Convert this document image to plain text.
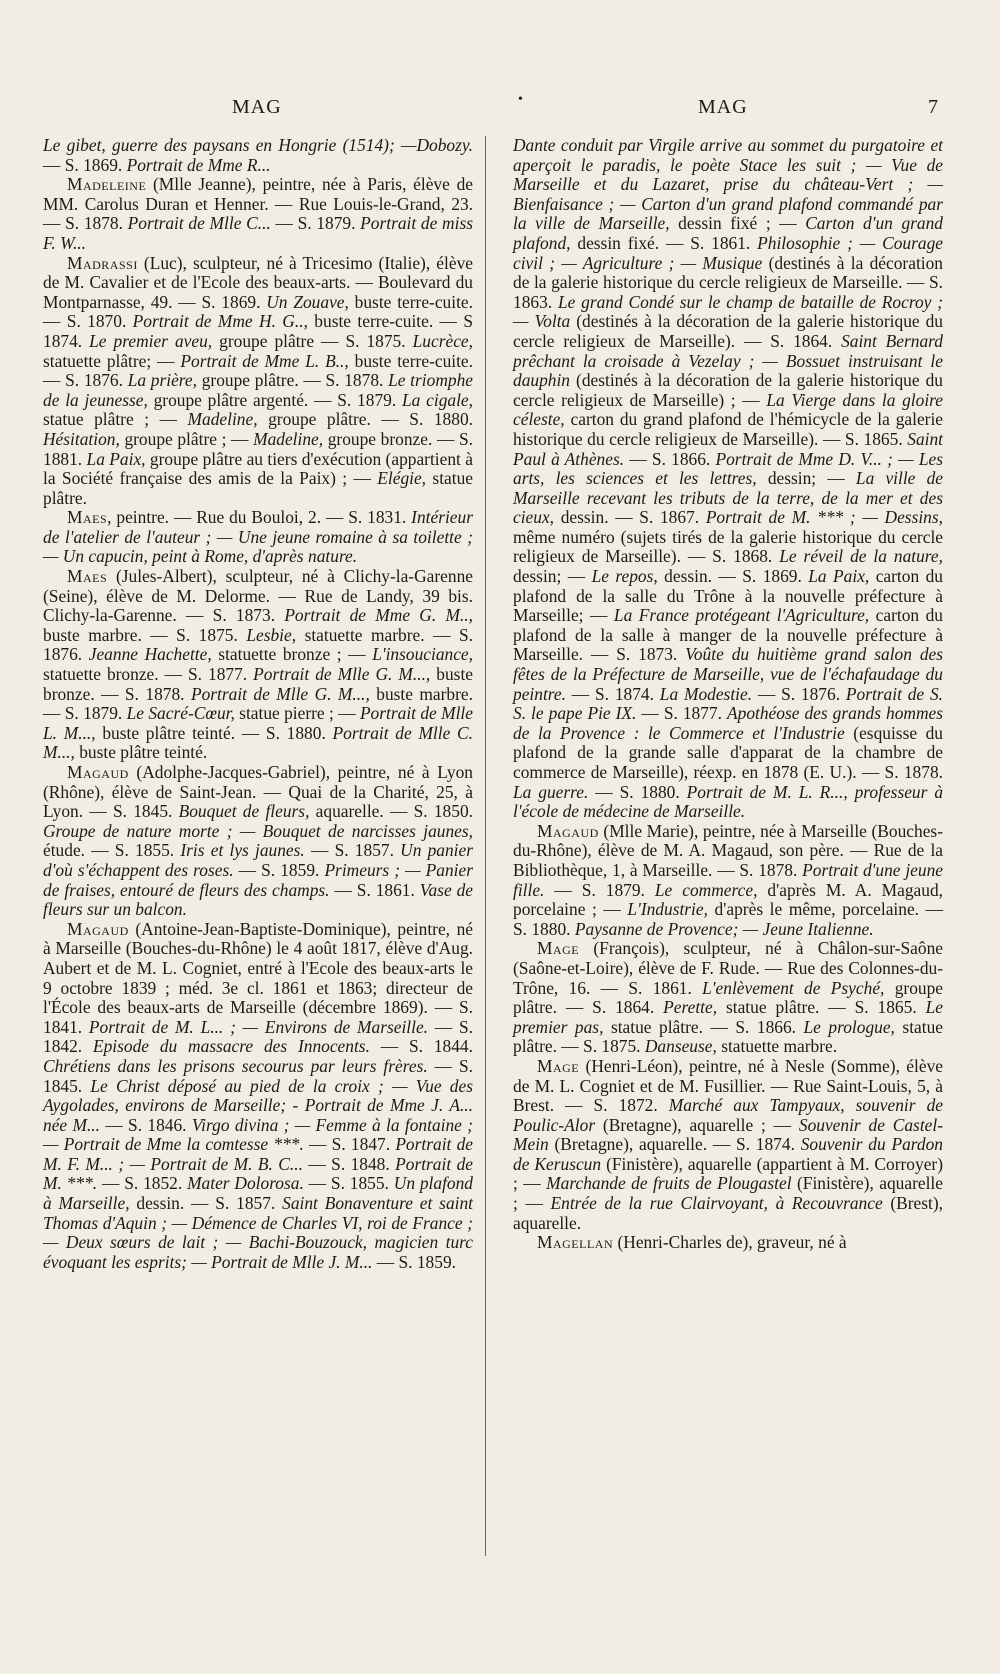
MAG	•	MAG	7

Le gibet, guerre des paysans en Hongrie (1514); —Dobozy. — S. 1869. Portrait de Mme R...

Madeleine (Mlle Jeanne), peintre, née à Paris, élève de MM. Carolus Duran et Henner. — Rue Louis-le-Grand, 23. — S. 1878. Portrait de Mlle C... — S. 1879. Portrait de miss F. W...

Madrassi (Luc), sculpteur, né à Tricesimo (Italie), élève de M. Cavalier et de l'Ecole des beaux-arts. — Boulevard du Montparnasse, 49. — S. 1869. Un Zouave, buste terre-cuite. — S. 1870. Portrait de Mme H. G.., buste terre-cuite. — S 1874. Le premier aveu, groupe plâtre — S. 1875. Lucrèce, statuette plâtre; — Portrait de Mme L. B.., buste terre-cuite. — S. 1876. La prière, groupe plâtre. — S. 1878. Le triomphe de la jeunesse, groupe plâtre argenté. — S. 1879. La cigale, statue plâtre ; — Madeline, groupe plâtre. — S. 1880. Hésitation, groupe plâtre ; — Madeline, groupe bronze. — S. 1881. La Paix, groupe plâtre au tiers d'exécution (appartient à la Société française des amis de la Paix) ; — Elégie, statue plâtre.

Maes, peintre. — Rue du Bouloi, 2. — S. 1831. Intérieur de l'atelier de l'auteur ; — Une jeune romaine à sa toilette ; — Un capucin, peint à Rome, d'après nature.

Maes (Jules-Albert), sculpteur, né à Clichy-la-Garenne (Seine), élève de M. Delorme. — Rue de Landy, 39 bis. Clichy-la-Garenne. — S. 1873. Portrait de Mme G. M.., buste marbre. — S. 1875. Lesbie, statuette marbre. — S. 1876. Jeanne Hachette, statuette bronze ; — L'insouciance, statuette bronze. — S. 1877. Portrait de Mlle G. M..., buste bronze. — S. 1878. Portrait de Mlle G. M..., buste marbre. — S. 1879. Le Sacré-Cœur, statue pierre ; — Portrait de Mlle L. M..., buste plâtre teinté. — S. 1880. Portrait de Mlle C. M..., buste plâtre teinté.

Magaud (Adolphe-Jacques-Gabriel), peintre, né à Lyon (Rhône), élève de Saint-Jean. — Quai de la Charité, 25, à Lyon. — S. 1845. Bouquet de fleurs, aquarelle. — S. 1850. Groupe de nature morte ; — Bouquet de narcisses jaunes, étude. — S. 1855. Iris et lys jaunes. — S. 1857. Un panier d'où s'échappent des roses. — S. 1859. Primeurs ; — Panier de fraises, entouré de fleurs des champs. — S. 1861. Vase de fleurs sur un balcon.

Magaud (Antoine-Jean-Baptiste-Dominique), peintre, né à Marseille (Bouches-du-Rhône) le 4 août 1817, élève d'Aug. Aubert et de M. L. Cogniet, entré à l'Ecole des beaux-arts le 9 octobre 1839 ; méd. 3e cl. 1861 et 1863; directeur de l'École des beaux-arts de Marseille (décembre 1869). — S. 1841. Portrait de M. L... ; — Environs de Marseille. — S. 1842. Episode du massacre des Innocents. — S. 1844. Chrétiens dans les prisons secourus par leurs frères. — S. 1845. Le Christ déposé au pied de la croix ; — Vue des Aygolades, environs de Marseille; - Portrait de Mme J. A... née M... — S. 1846. Virgo divina ; — Femme à la fontaine ; — Portrait de Mme la comtesse ***. — S. 1847. Portrait de M. F. M... ; — Portrait de M. B. C... — S. 1848. Portrait de M. ***. — S. 1852. Mater Dolorosa. — S. 1855. Un plafond à Marseille, dessin. — S. 1857. Saint Bonaventure et saint Thomas d'Aquin ; — Démence de Charles VI, roi de France ; — Deux sœurs de lait ; — Bachi-Bouzouck, magicien turc évoquant les esprits; — Portrait de Mlle J. M... — S. 1859.

Dante conduit par Virgile arrive au sommet du purgatoire et aperçoit le paradis, le poète Stace les suit ; — Vue de Marseille et du Lazaret, prise du château-Vert ; — Bienfaisance ; — Carton d'un grand plafond commandé par la ville de Marseille, dessin fixé ; — Carton d'un grand plafond, dessin fixé. — S. 1861. Philosophie ; — Courage civil ; — Agriculture ; — Musique (destinés à la décoration de la galerie historique du cercle religieux de Marseille. — S. 1863. Le grand Condé sur le champ de bataille de Rocroy ; — Volta (destinés à la décoration de la galerie historique du cercle religieux de Marseille). — S. 1864. Saint Bernard prêchant la croisade à Vezelay ; — Bossuet instruisant le dauphin (destinés à la décoration de la galerie historique du cercle religieux de Marseille) ; — La Vierge dans la gloire céleste, carton du grand plafond de l'hémicycle de la galerie historique du cercle religieux de Marseille). — S. 1865. Saint Paul à Athènes. — S. 1866. Portrait de Mme D. V... ; — Les arts, les sciences et les lettres, dessin; — La ville de Marseille recevant les tributs de la terre, de la mer et des cieux, dessin. — S. 1867. Portrait de M. *** ; — Dessins, même numéro (sujets tirés de la galerie historique du cercle religieux de Marseille). — S. 1868. Le réveil de la nature, dessin; — Le repos, dessin. — S. 1869. La Paix, carton du plafond de la salle du Trône à la nouvelle préfecture à Marseille; — La France protégeant l'Agriculture, carton du plafond de la salle à manger de la nouvelle préfecture à Marseille. — S. 1873. Voûte du huitième grand salon des fêtes de la Préfecture de Marseille, vue de l'échafaudage du peintre. — S. 1874. La Modestie. — S. 1876. Portrait de S. S. le pape Pie IX. — S. 1877. Apothéose des grands hommes de la Provence : le Commerce et l'Industrie (esquisse du plafond de la grande salle d'apparat de la chambre de commerce de Marseille), réexp. en 1878 (E. U.). — S. 1878. La guerre. — S. 1880. Portrait de M. L. R..., professeur à l'école de médecine de Marseille.

Magaud (Mlle Marie), peintre, née à Marseille (Bouches-du-Rhône), élève de M. A. Magaud, son père. — Rue de la Bibliothèque, 1, à Marseille. — S. 1878. Portrait d'une jeune fille. — S. 1879. Le commerce, d'après M. A. Magaud, porcelaine ; — L'Industrie, d'après le même, porcelaine. — S. 1880. Paysanne de Provence; — Jeune Italienne.

Mage (François), sculpteur, né à Châlon-sur-Saône (Saône-et-Loire), élève de F. Rude. — Rue des Colonnes-du-Trône, 16. — S. 1861. L'enlèvement de Psyché, groupe plâtre. — S. 1864. Perette, statue plâtre. — S. 1865. Le premier pas, statue plâtre. — S. 1866. Le prologue, statue plâtre. — S. 1875. Danseuse, statuette marbre.

Mage (Henri-Léon), peintre, né à Nesle (Somme), élève de M. L. Cogniet et de M. Fusillier. — Rue Saint-Louis, 5, à Brest. — S. 1872. Marché aux Tampyaux, souvenir de Poulic-Alor (Bretagne), aquarelle ; — Souvenir de Castel-Mein (Bretagne), aquarelle. — S. 1874. Souvenir du Pardon de Keruscun (Finistère), aquarelle (appartient à M. Corroyer) ; — Marchande de fruits de Plougastel (Finistère), aquarelle ; — Entrée de la rue Clairvoyant, à Recouvrance (Brest), aquarelle.

Magellan (Henri-Charles de), graveur, né à
